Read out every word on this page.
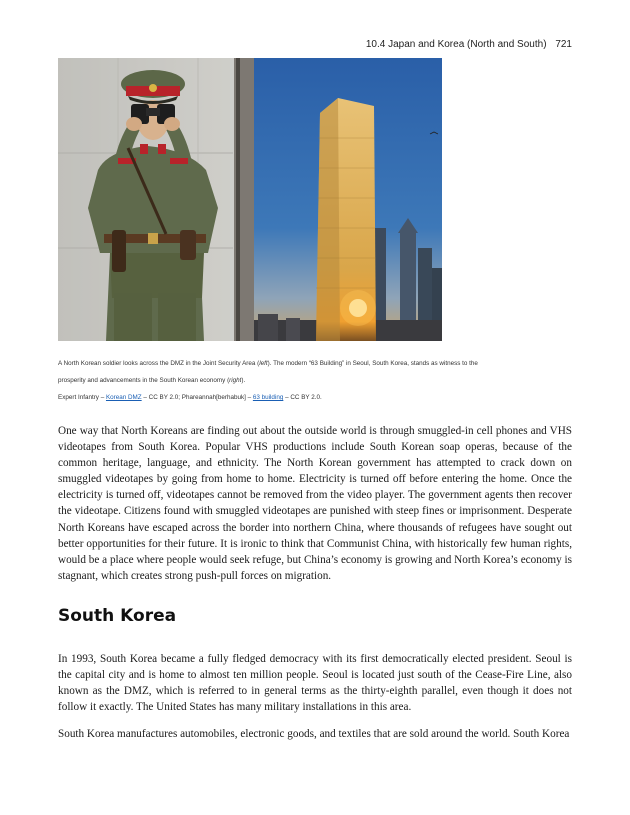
10.4 Japan and Korea (North and South) 721
A North Korean soldier looks across the DMZ in the Joint Security Area (left). The modern “63 Building” in Seoul, South Korea, stands as witness to the prosperity and advancements in the South Korean economy (right).
Expert Infantry – Korean DMZ – CC BY 2.0; Phareannah[berhabuk] – 63 building – CC BY 2.0.

One way that North Koreans are finding out about the outside world is through smuggled-in cell phones and VHS videotapes from South Korea. Popular VHS productions include South Korean soap operas, because of the common heritage, language, and ethnicity. The North Korean government has attempted to crack down on smuggled videotapes by going from home to home. Electricity is turned off before entering the home. Once the electricity is turned off, videotapes cannot be removed from the video player. The government agents then recover the videotape. Citizens found with smuggled videotapes are punished with steep fines or imprisonment. Desperate North Koreans have escaped across the border into northern China, where thousands of refugees have sought out better opportunities for their future. It is ironic to think that Communist China, with historically few human rights, would be a place where people would seek refuge, but China’s economy is growing and North Korea’s economy is stagnant, which creates strong push-pull forces on migration.

South Korea

In 1993, South Korea became a fully fledged democracy with its first democratically elected president. Seoul is the capital city and is home to almost ten million people. Seoul is located just south of the Cease-Fire Line, also known as the DMZ, which is referred to in general terms as the thirty-eighth parallel, even though it does not follow it exactly. The United States has many military installations in this area.

South Korea manufactures automobiles, electronic goods, and textiles that are sold around the world. South Korea
